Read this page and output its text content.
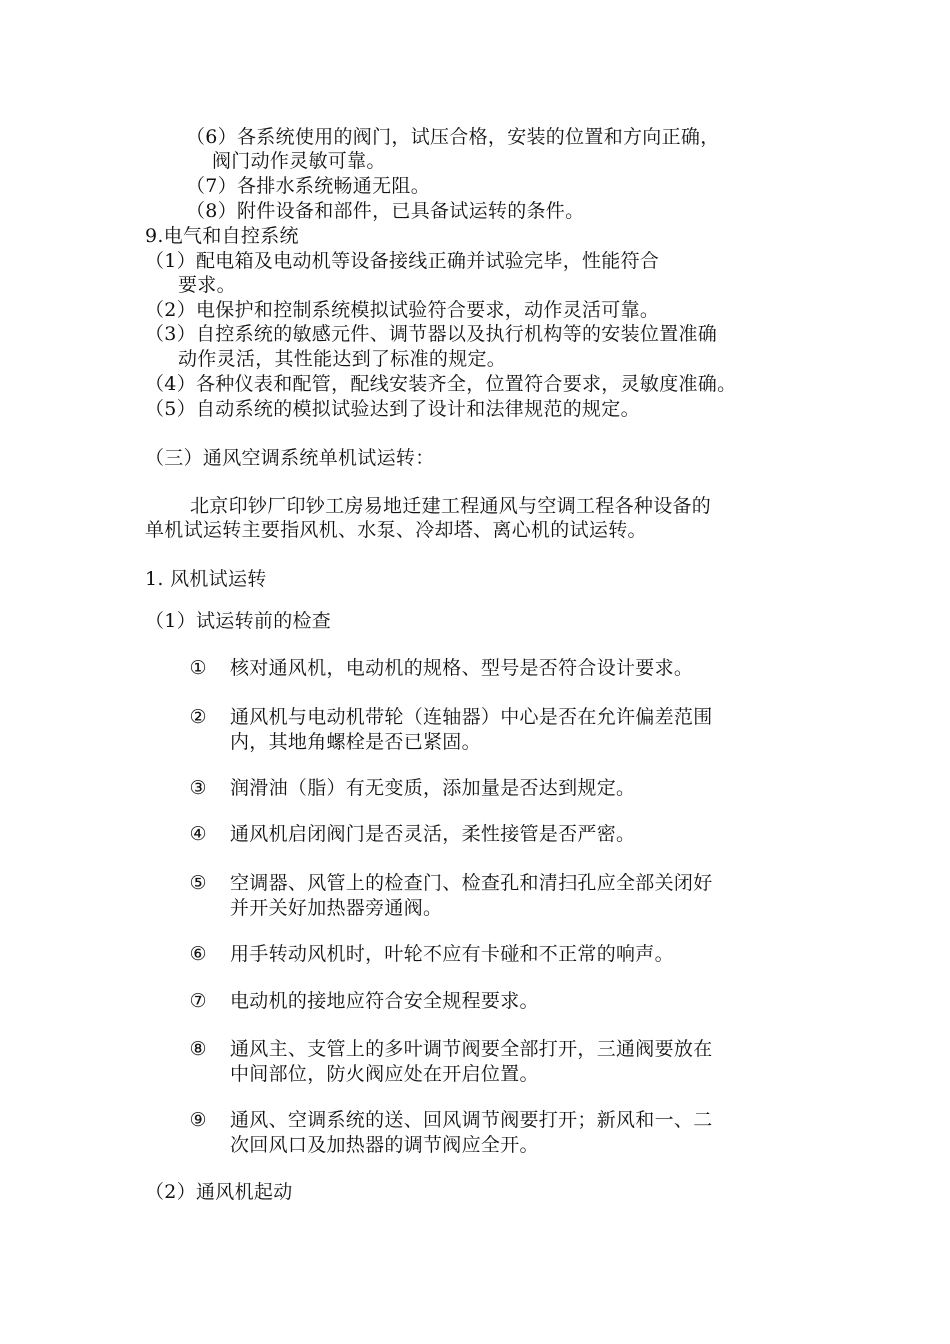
（6）各系统使用的阀门，试压合格，安装的位置和方向正确，
阀门动作灵敏可靠。
（7）各排水系统畅通无阻。
（8）附件设备和部件，已具备试运转的条件。
9.电气和自控系统
（1）配电箱及电动机等设备接线正确并试验完毕，性能符合
要求。
（2）电保护和控制系统模拟试验符合要求，动作灵活可靠。
（3）自控系统的敏感元件、调节器以及执行机构等的安装位置准确
动作灵活，其性能达到了标准的规定。
（4）各种仪表和配管，配线安装齐全，位置符合要求，灵敏度准确。
（5）自动系统的模拟试验达到了设计和法律规范的规定。
（三）通风空调系统单机试运转：
北京印钞厂印钞工房易地迁建工程通风与空调工程各种设备的
单机试运转主要指风机、水泵、冷却塔、离心机的试运转。
1. 风机试运转
（1）试运转前的检查
①	核对通风机，电动机的规格、型号是否符合设计要求。
②	通风机与电动机带轮（连轴器）中心是否在允许偏差范围
内，其地角螺栓是否已紧固。
③	润滑油（脂）有无变质，添加量是否达到规定。
④	通风机启闭阀门是否灵活，柔性接管是否严密。
⑤	空调器、风管上的检查门、检查孔和清扫孔应全部关闭好
并开关好加热器旁通阀。
⑥	用手转动风机时，叶轮不应有卡碰和不正常的响声。
⑦	电动机的接地应符合安全规程要求。
⑧	通风主、支管上的多叶调节阀要全部打开，三通阀要放在
中间部位，防火阀应处在开启位置。
⑨	通风、空调系统的送、回风调节阀要打开；新风和一、二
次回风口及加热器的调节阀应全开。
（2）通风机起动
